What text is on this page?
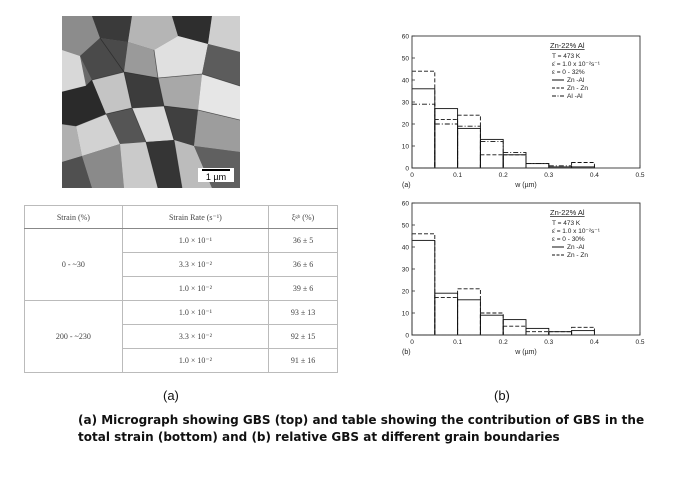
1 µm
Strain (%)	Strain Rate (s⁻¹)	ξᵍᵇ (%)
0 - ~30	1.0 × 10⁻¹	36 ± 5
	3.3 × 10⁻²	36 ± 6
	1.0 × 10⁻²	39 ± 6
200 - ~230	1.0 × 10⁻¹	93 ± 13
	3.3 × 10⁻²	92 ± 15
	1.0 × 10⁻²	91 ± 16
0
10
20
30
40
50
60
0	0.1	0.2	0.3	0.4	0.5
w (µm)
(a)
Zn-22% Al
T = 473 K
ε̇ = 1.0 x 10⁻²s⁻¹
ε = 0 - 32%
Zn -Al
Zn - Zn
Al -Al
0
10
20
30
40
50
60
0	0.1	0.2	0.3	0.4	0.5
w (µm)
(b)
Zn-22% Al
T = 473 K
ε̇ = 1.0 x 10⁻²s⁻¹
ε = 0 - 30%
Zn -Al
Zn - Zn
(a)	(b)
(a) Micrograph showing GBS (top) and table showing the contribution of GBS in the
total strain (bottom) and (b) relative GBS at different grain boundaries
